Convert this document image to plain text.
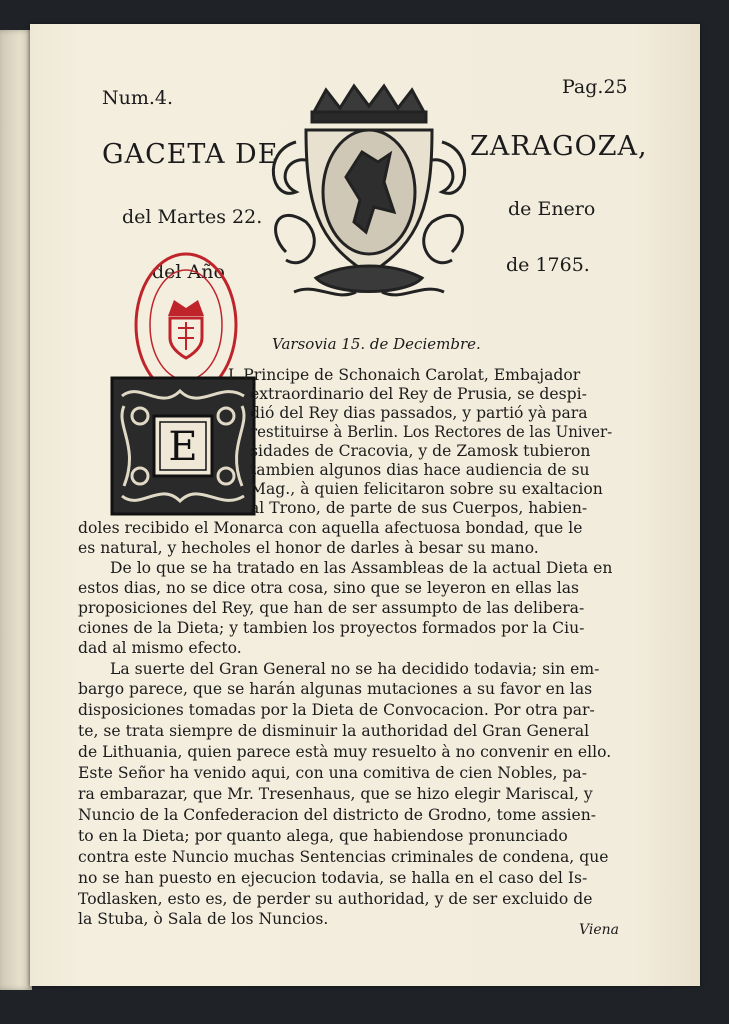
Num.4.	Pag.25
GACETA DE	ZARAGOZA,
del Martes 22.	de Enero
del Año	de 1765.
E
Varsovia 15. de Deciembre.
L Principe de Schonaich Carolat, Embajador
extraordinario del Rey de Prusia, se despi-
dió del Rey dias passados, y partió yà para
restituirse à Berlin. Los Rectores de las Univer-
sidades de Cracovia, y de Zamosk tubieron
tambien algunos dias hace audiencia de su
Mag., à quien felicitaron sobre su exaltacion
al Trono, de parte de sus Cuerpos, habien-
doles recibido el Monarca con aquella afectuosa bondad, que le
es natural, y hecholes el honor de darles à besar su mano.
De lo que se ha tratado en las Assambleas de la actual Dieta en
estos dias, no se dice otra cosa, sino que se leyeron en ellas las
proposiciones del Rey, que han de ser assumpto de las delibera-
ciones de la Dieta; y tambien los proyectos formados por la Ciu-
dad al mismo efecto.
La suerte del Gran General no se ha decidido todavia; sin em-
bargo parece, que se harán algunas mutaciones a su favor en las
disposiciones tomadas por la Dieta de Convocacion. Por otra par-
te, se trata siempre de disminuir la authoridad del Gran General
de Lithuania, quien parece està muy resuelto à no convenir en ello.
Este Señor ha venido aqui, con una comitiva de cien Nobles, pa-
ra embarazar, que Mr. Tresenhaus, que se hizo elegir Mariscal, y
Nuncio de la Confederacion del districto de Grodno, tome assien-
to en la Dieta; por quanto alega, que habiendose pronunciado
contra este Nuncio muchas Sentencias criminales de condena, que
no se han puesto en ejecucion todavia, se halla en el caso del Is-
Todlasken, esto es, de perder su authoridad, y de ser excluido de
la Stuba, ò Sala de los Nuncios.
Viena
